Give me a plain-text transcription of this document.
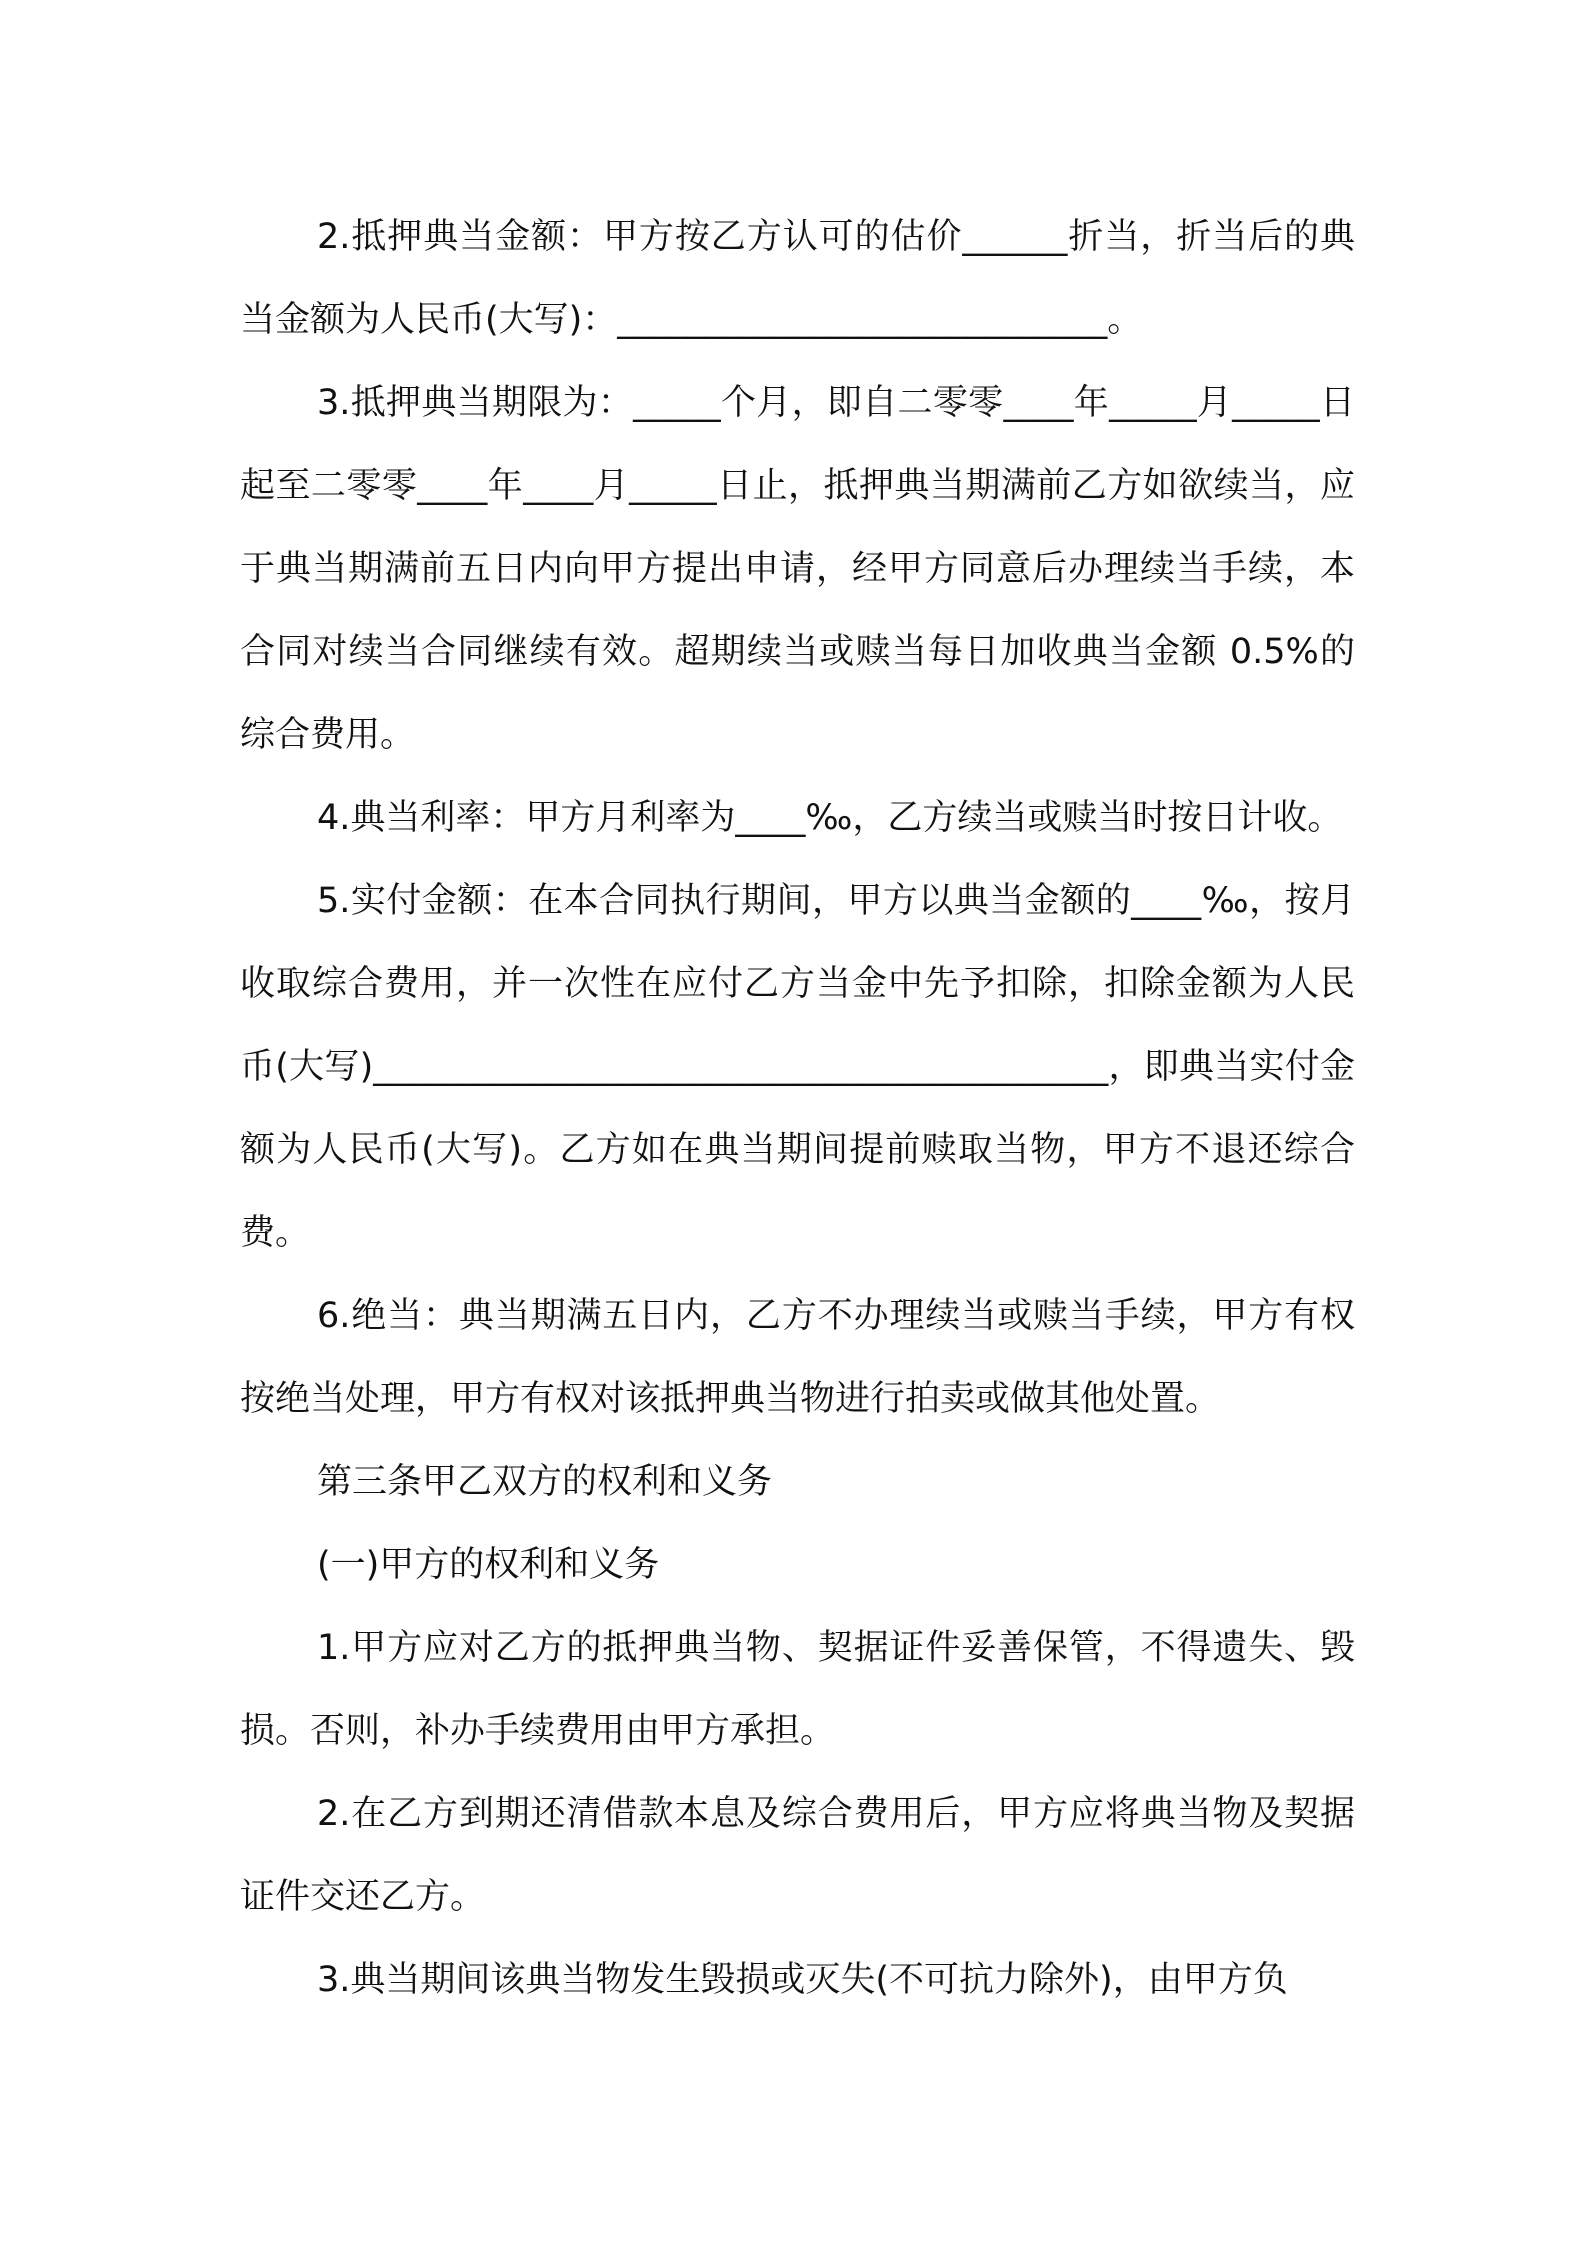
2.抵押典当金额：甲方按乙方认可的估价______折当，折当后的典当金额为人民币(大写)：____________________________。

3.抵押典当期限为：_____个月，即自二零零____年_____月_____日起至二零零____年____月_____日止，抵押典当期满前乙方如欲续当，应于典当期满前五日内向甲方提出申请，经甲方同意后办理续当手续，本合同对续当合同继续有效。超期续当或赎当每日加收典当金额 0.5%的综合费用。

4.典当利率：甲方月利率为____‰，乙方续当或赎当时按日计收。

5.实付金额：在本合同执行期间，甲方以典当金额的____‰，按月收取综合费用，并一次性在应付乙方当金中先予扣除，扣除金额为人民币(大写)__________________________________________，即典当实付金额为人民币(大写)。乙方如在典当期间提前赎取当物，甲方不退还综合费。

6.绝当：典当期满五日内，乙方不办理续当或赎当手续，甲方有权按绝当处理，甲方有权对该抵押典当物进行拍卖或做其他处置。

第三条甲乙双方的权利和义务

(一)甲方的权利和义务

1.甲方应对乙方的抵押典当物、契据证件妥善保管，不得遗失、毁损。否则，补办手续费用由甲方承担。

2.在乙方到期还清借款本息及综合费用后，甲方应将典当物及契据证件交还乙方。

3.典当期间该典当物发生毁损或灭失(不可抗力除外)，由甲方负
